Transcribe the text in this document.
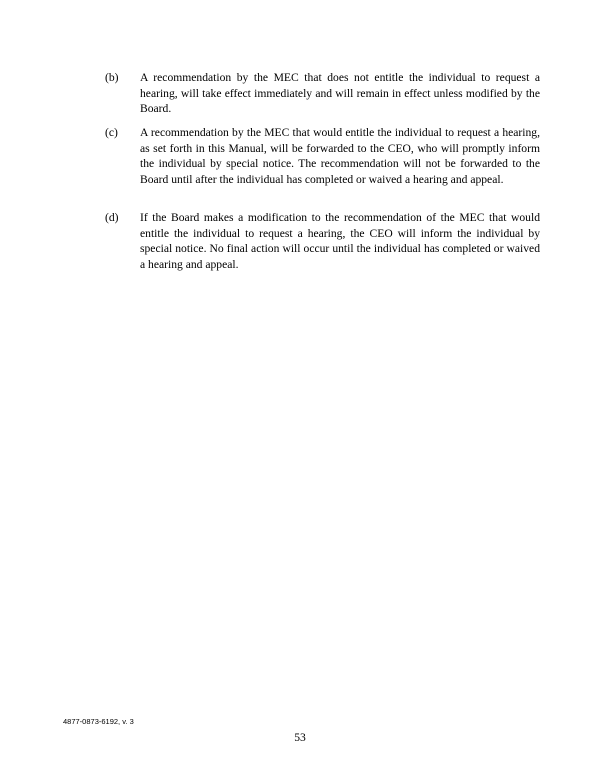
(b) A recommendation by the MEC that does not entitle the individual to request a hearing, will take effect immediately and will remain in effect unless modified by the Board.
(c) A recommendation by the MEC that would entitle the individual to request a hearing, as set forth in this Manual, will be forwarded to the CEO, who will promptly inform the individual by special notice. The recommendation will not be forwarded to the Board until after the individual has completed or waived a hearing and appeal.
(d) If the Board makes a modification to the recommendation of the MEC that would entitle the individual to request a hearing, the CEO will inform the individual by special notice. No final action will occur until the individual has completed or waived a hearing and appeal.
4877-0873-6192, v. 3
53
